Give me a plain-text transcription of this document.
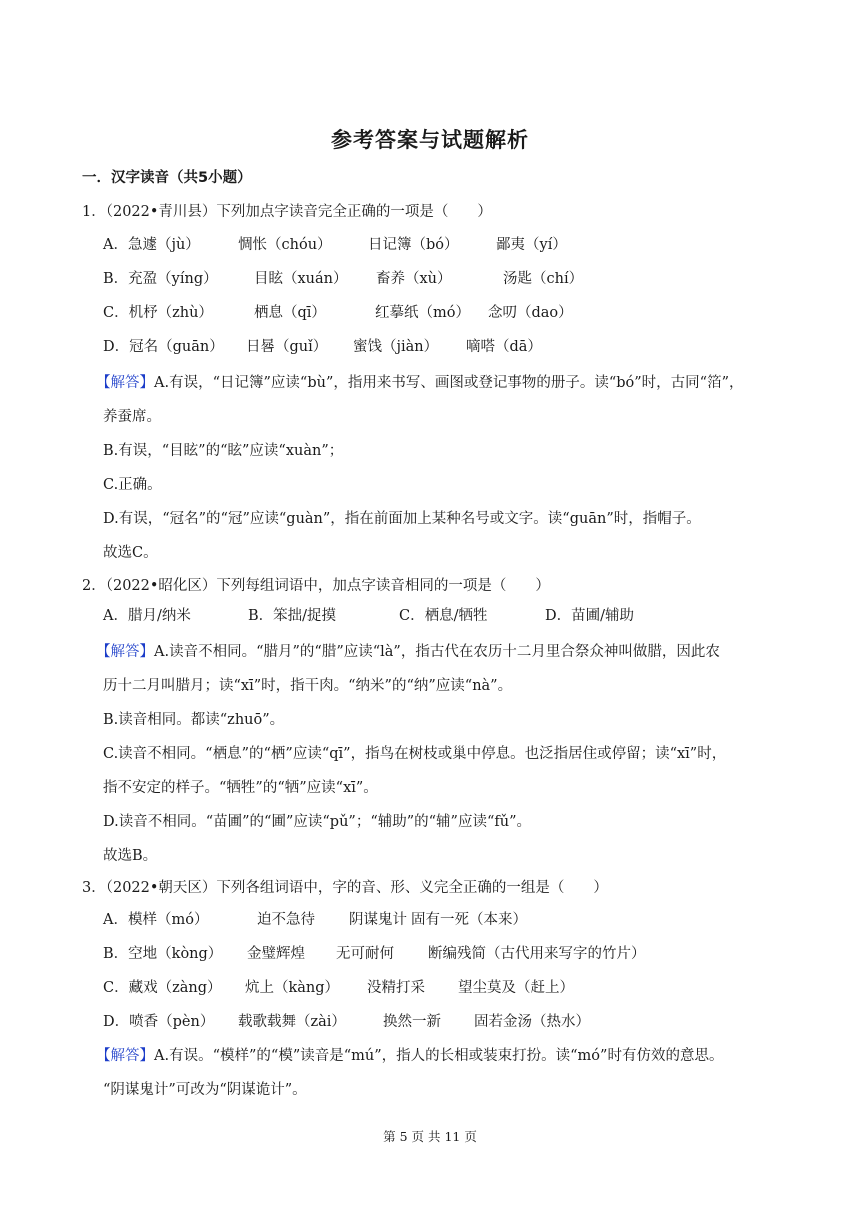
参考答案与试题解析
一．汉字读音（共5小题）
1．（2022•青川县）下列加点字读音完全正确的一项是（　　）
A．急遽（jù）	惆怅（chóu）	日记簿（bó）	鄙夷（yí）
B．充盈（yíng）	目眩（xuán） 畜养（xù）	汤匙（chí）
C．机杼（zhù）	栖息（qī）	红摹纸（mó） 念叨（dao）
D．冠名（guān） 日晷（guǐ） 蜜饯（jiàn） 嘀嗒（dā）
【解答】A.有误，“日记簿”应读“bù”，指用来书写、画图或登记事物的册子。读“bó”时，古同“箔”，
养蚕席。
B.有误，“目眩”的“眩”应读“xuàn”；
C.正确。
D.有误，“冠名”的“冠”应读“guàn”，指在前面加上某种名号或文字。读“guān”时，指帽子。
故选C。
2．（2022•昭化区）下列每组词语中，加点字读音相同的一项是（　　）
A．腊月/纳米	B．笨拙/捉摸	C．栖息/牺牲	D．苗圃/辅助
【解答】A.读音不相同。“腊月”的“腊”应读“là”，指古代在农历十二月里合祭众神叫做腊，因此农
历十二月叫腊月；读“xī”时，指干肉。“纳米”的“纳”应读“nà”。
B.读音相同。都读“zhuō”。
C.读音不相同。“栖息”的“栖”应读“qī”，指鸟在树枝或巢中停息。也泛指居住或停留；读“xī”时，
指不安定的样子。“牺牲”的“牺”应读“xī”。
D.读音不相同。“苗圃”的“圃”应读“pǔ”；“辅助”的“辅”应读“fǔ”。
故选B。
3．（2022•朝天区）下列各组词语中，字的音、形、义完全正确的一组是（　　）
A．模样（mó）	迫不急待 阴谋鬼计 固有一死（本来）
B．空地（kòng） 金璧辉煌 无可耐何 断编残简（古代用来写字的竹片）
C．藏戏（zàng） 炕上（kàng） 没精打采 望尘莫及（赶上）
D．喷香（pèn） 载歌载舞（zài）	换然一新 固若金汤（热水）
【解答】A.有误。“模样”的“模”读音是“mú”，指人的长相或装束打扮。读“mó”时有仿效的意思。
“阴谋鬼计”可改为“阴谋诡计”。
第 5 页 共 11 页
